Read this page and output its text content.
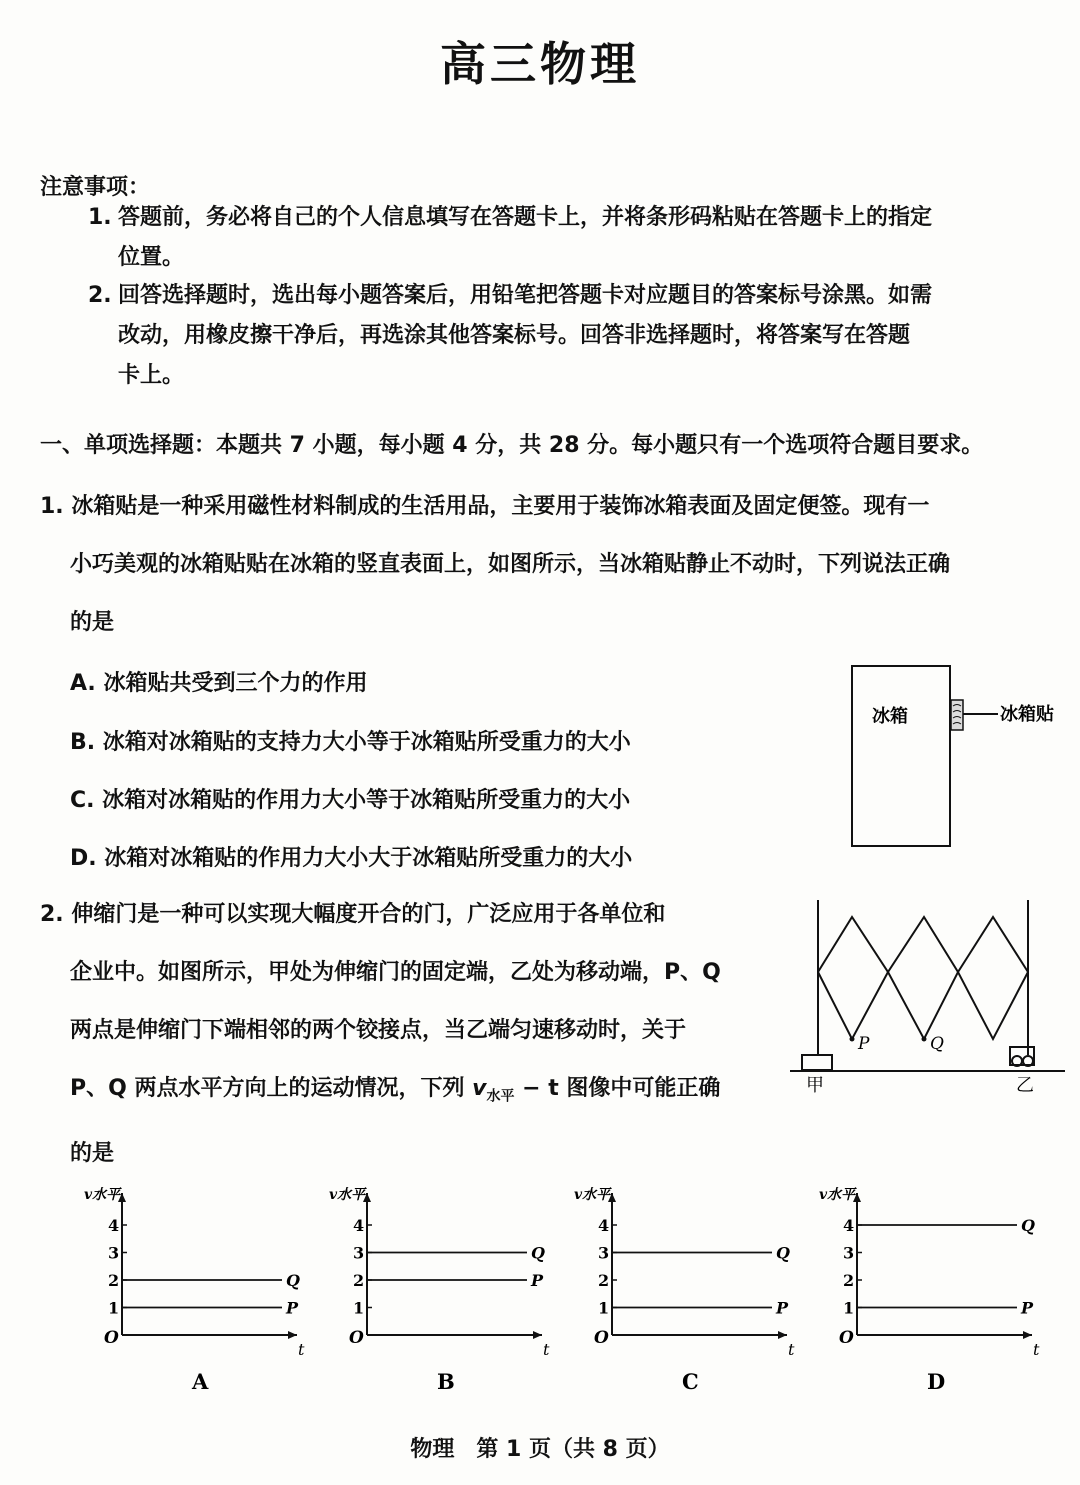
高三物理
注意事项：
1. 答题前，务必将自己的个人信息填写在答题卡上，并将条形码粘贴在答题卡上的指定
位置。
2. 回答选择题时，选出每小题答案后，用铅笔把答题卡对应题目的答案标号涂黑。如需
改动，用橡皮擦干净后，再选涂其他答案标号。回答非选择题时，将答案写在答题
卡上。
一、单项选择题：本题共 7 小题，每小题 4 分，共 28 分。每小题只有一个选项符合题目要求。
1. 冰箱贴是一种采用磁性材料制成的生活用品，主要用于装饰冰箱表面及固定便签。现有一
小巧美观的冰箱贴贴在冰箱的竖直表面上，如图所示，当冰箱贴静止不动时，下列说法正确
的是
A. 冰箱贴共受到三个力的作用
B. 冰箱对冰箱贴的支持力大小等于冰箱贴所受重力的大小
C. 冰箱对冰箱贴的作用力大小等于冰箱贴所受重力的大小
D. 冰箱对冰箱贴的作用力大小大于冰箱贴所受重力的大小
冰箱	冰箱贴
2. 伸缩门是一种可以实现大幅度开合的门，广泛应用于各单位和
企业中。如图所示，甲处为伸缩门的固定端，乙处为移动端，P、Q
两点是伸缩门下端相邻的两个铰接点，当乙端匀速移动时，关于
P、Q 两点水平方向上的运动情况，下列 $v_{水平} - t$ 图像中可能正确
的是
P	Q
甲	乙
v水平
t
O
1
2
3
4
Q
P
A
v水平
t
O
1
2
3
4
Q
P
B
v水平
t
O
1
2
3
4
Q
P
C
v水平
t
O
1
2
3
4	Q
P
D
物理　第 1 页（共 8 页）
